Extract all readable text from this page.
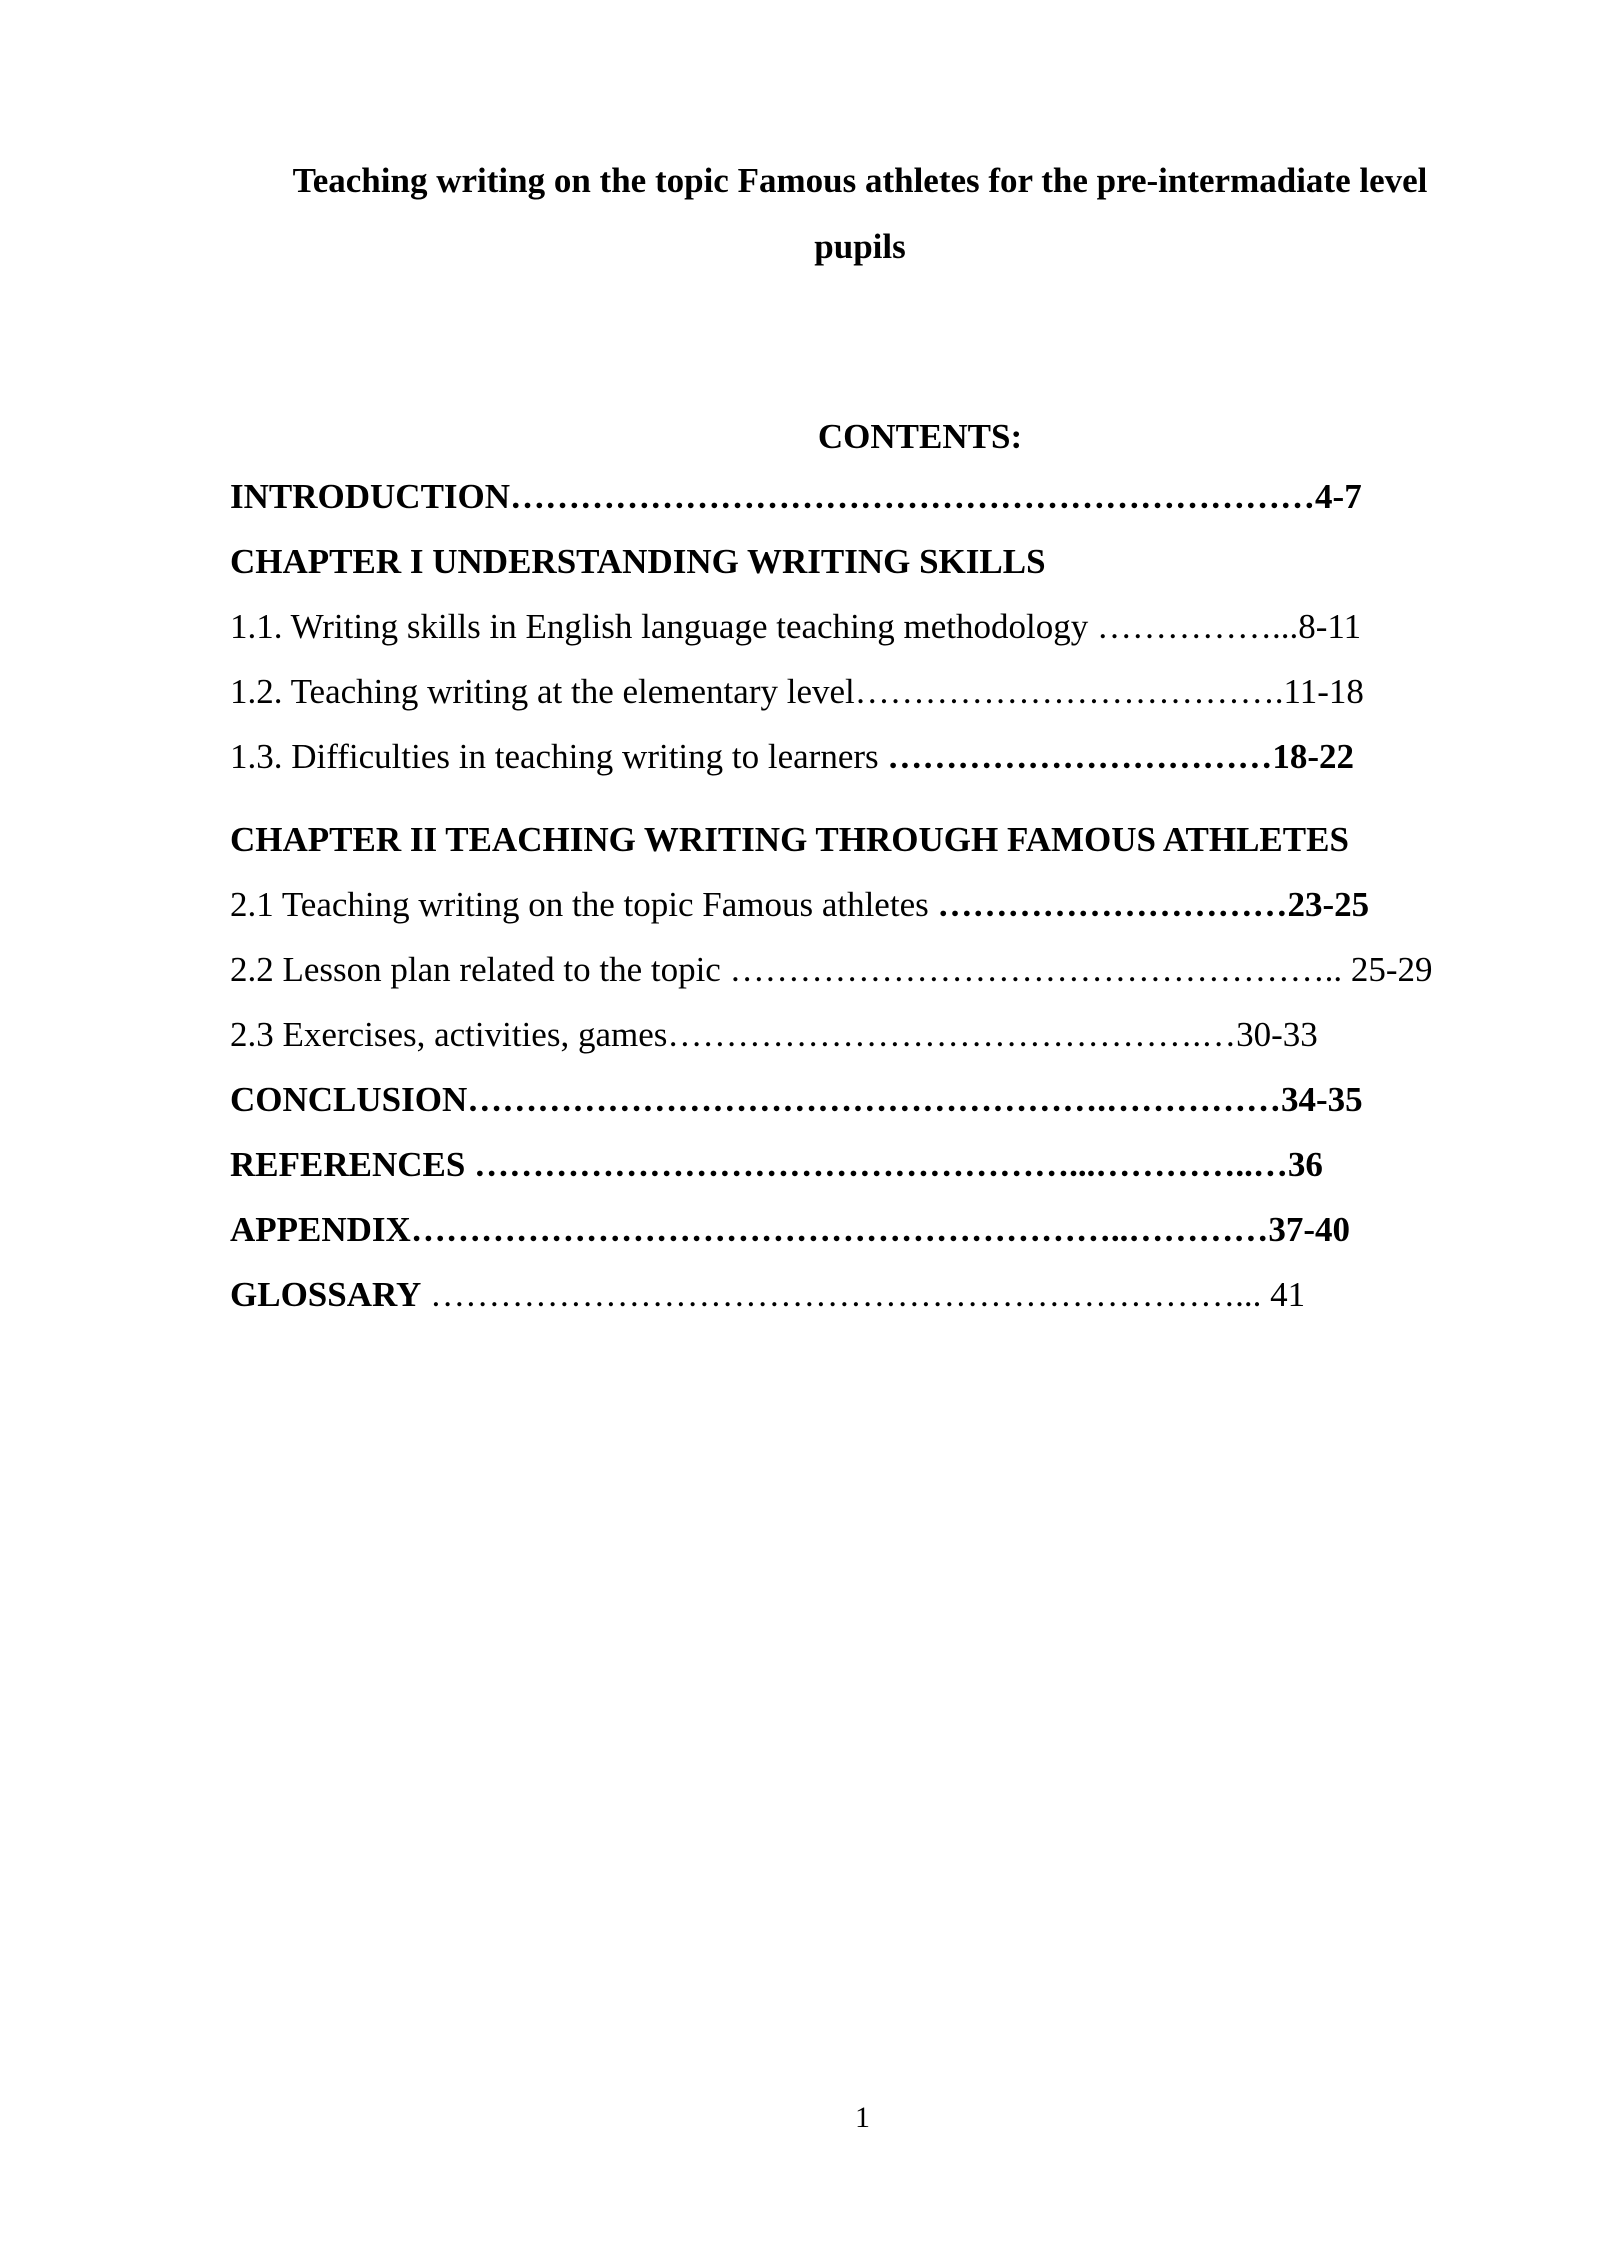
Teaching writing on the topic Famous athletes for the pre-intermadiate level
pupils
CONTENTS:
INTRODUCTION……………………………………………………………4-7
CHAPTER I UNDERSTANDING WRITING SKILLS
1.1. Writing skills in English language teaching methodology ……………...8-11
1.2. Teaching writing at the elementary level……………………………….11-18
1.3. Difficulties in teaching writing to learners ……………………………18-22
CHAPTER II TEACHING WRITING THROUGH FAMOUS ATHLETES
2.1 Teaching writing on the topic Famous athletes …………………………23-25
2.2 Lesson plan related to the topic …………………………………………….. 25-29
2.3 Exercises, activities, games……………………………………….…30-33
CONCLUSION……………………………………………….……………34-35
REFERENCES ……………………………………………...…………..…36
APPENDIX……………………………………………………..…………37-40
GLOSSARY ……………………………………………………………... 41
1
